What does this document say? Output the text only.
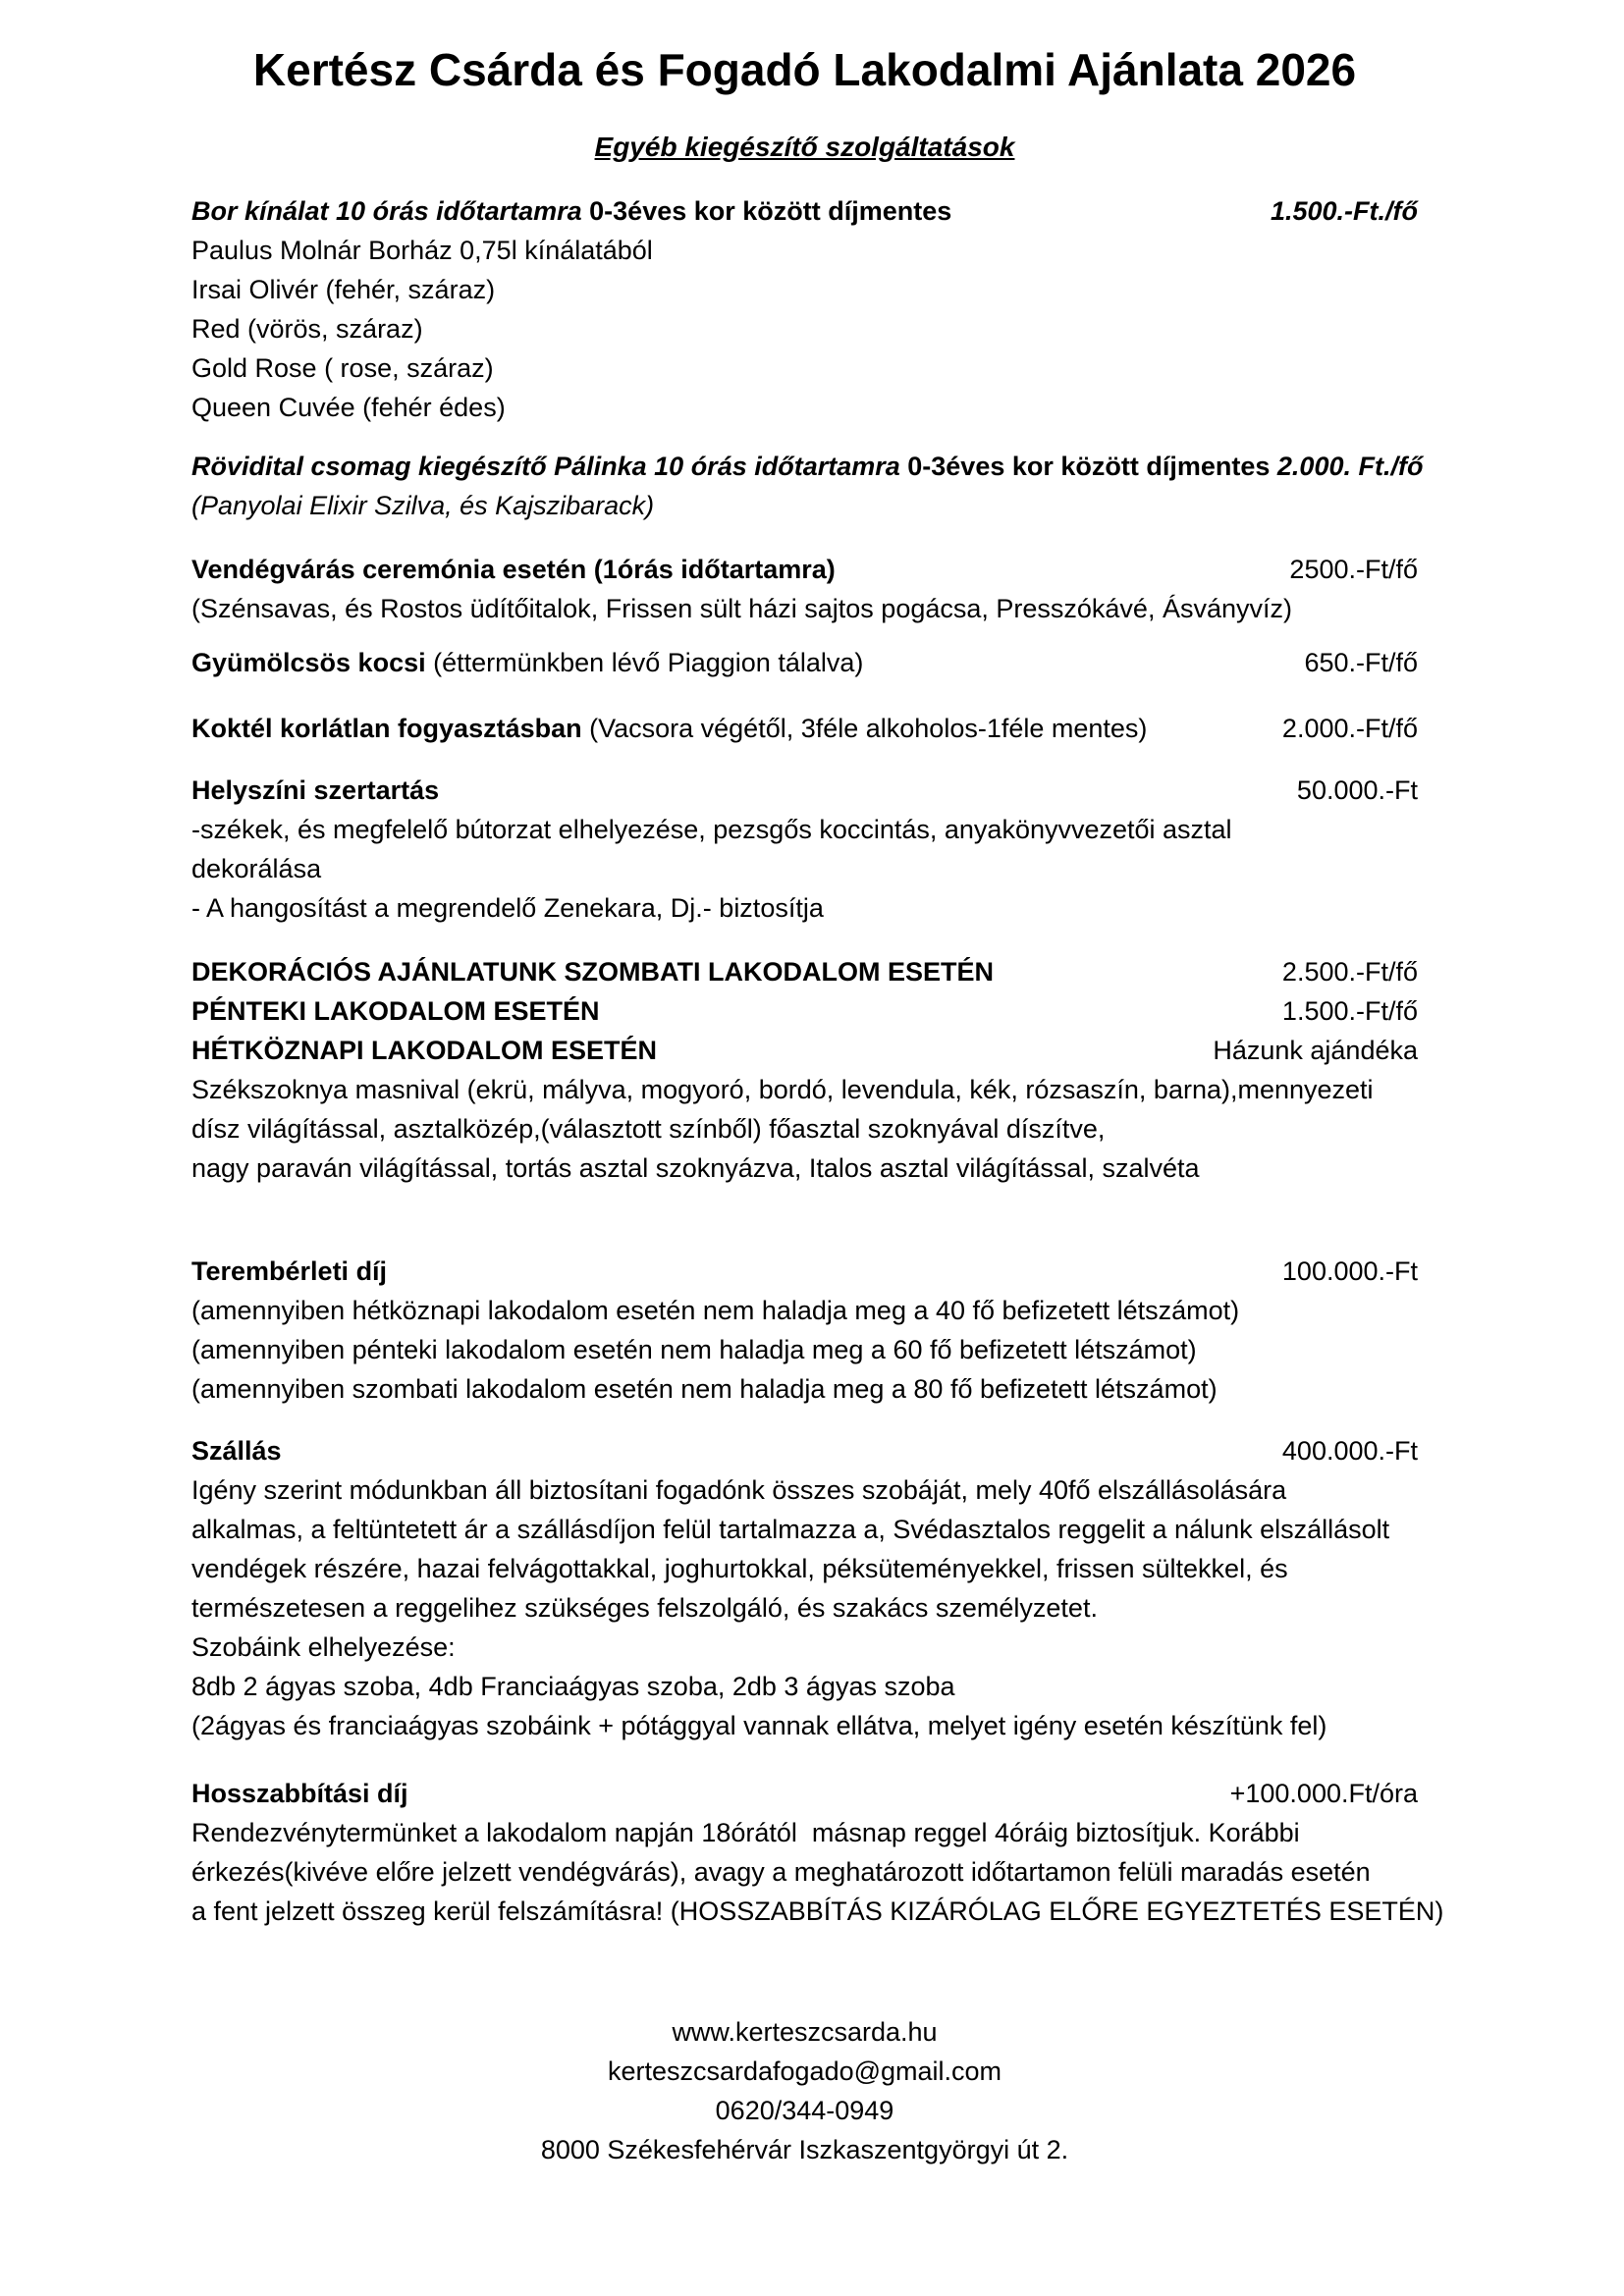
Kertész Csárda és Fogadó Lakodalmi Ajánlata 2026
Egyéb kiegészítő szolgáltatások
Bor kínálat 10 órás időtartamra 0-3éves kor között díjmentes	1.500.-Ft./fő
Paulus Molnár Borház 0,75l kínálatából
Irsai Olivér (fehér, száraz)
Red (vörös, száraz)
Gold Rose ( rose, száraz)
Queen Cuvée (fehér édes)
Rövidital csomag kiegészítő Pálinka 10 órás időtartamra 0-3éves kor között díjmentes 2.000. Ft./fő
(Panyolai Elixir Szilva, és Kajszibarack)
Vendégvárás ceremónia esetén (1órás időtartamra)	2500.-Ft/fő
(Szénsavas, és Rostos üdítőitalok, Frissen sült házi sajtos pogácsa, Presszókávé, Ásványvíz)
Gyümölcsös kocsi (éttermünkben lévő Piaggion tálalva)	650.-Ft/fő
Koktél korlátlan fogyasztásban (Vacsora végétől, 3féle alkoholos-1féle mentes)	2.000.-Ft/fő
Helyszíni szertartás	50.000.-Ft
-székek, és megfelelő bútorzat elhelyezése, pezsgős koccintás, anyakönyvvezetői asztal
dekorálása
- A hangosítást a megrendelő Zenekara, Dj.- biztosítja
DEKORÁCIÓS AJÁNLATUNK SZOMBATI LAKODALOM ESETÉN	2.500.-Ft/fő
PÉNTEKI LAKODALOM ESETÉN	1.500.-Ft/fő
HÉTKÖZNAPI LAKODALOM ESETÉN	Házunk ajándéka
Székszoknya masnival (ekrü, mályva, mogyoró, bordó, levendula, kék, rózsaszín, barna),mennyezeti
dísz világítással, asztalközép,(választott színből) főasztal szoknyával díszítve,
nagy paraván világítással, tortás asztal szoknyázva, Italos asztal világítással, szalvéta
Terembérleti díj	100.000.-Ft
(amennyiben hétköznapi lakodalom esetén nem haladja meg a 40 fő befizetett létszámot)
(amennyiben pénteki lakodalom esetén nem haladja meg a 60 fő befizetett létszámot)
(amennyiben szombati lakodalom esetén nem haladja meg a 80 fő befizetett létszámot)
Szállás	400.000.-Ft
Igény szerint módunkban áll biztosítani fogadónk összes szobáját, mely 40fő elszállásolására
alkalmas, a feltüntetett ár a szállásdíjon felül tartalmazza a, Svédasztalos reggelit a nálunk elszállásolt
vendégek részére, hazai felvágottakkal, joghurtokkal, péksüteményekkel, frissen sültekkel, és
természetesen a reggelihez szükséges felszolgáló, és szakács személyzetet.
Szobáink elhelyezése:
8db 2 ágyas szoba, 4db Franciaágyas szoba, 2db 3 ágyas szoba
(2ágyas és franciaágyas szobáink + pótággyal vannak ellátva, melyet igény esetén készítünk fel)
Hosszabbítási díj	+100.000.Ft/óra
Rendezvénytermünket a lakodalom napján 18órától  másnap reggel 4óráig biztosítjuk. Korábbi
érkezés(kivéve előre jelzett vendégvárás), avagy a meghatározott időtartamon felüli maradás esetén
a fent jelzett összeg kerül felszámításra! (HOSSZABBÍTÁS KIZÁRÓLAG ELŐRE EGYEZTETÉS ESETÉN)
www.kerteszcsarda.hu
kerteszcsardafogado@gmail.com
0620/344-0949
8000 Székesfehérvár Iszkaszentgyörgyi út 2.
